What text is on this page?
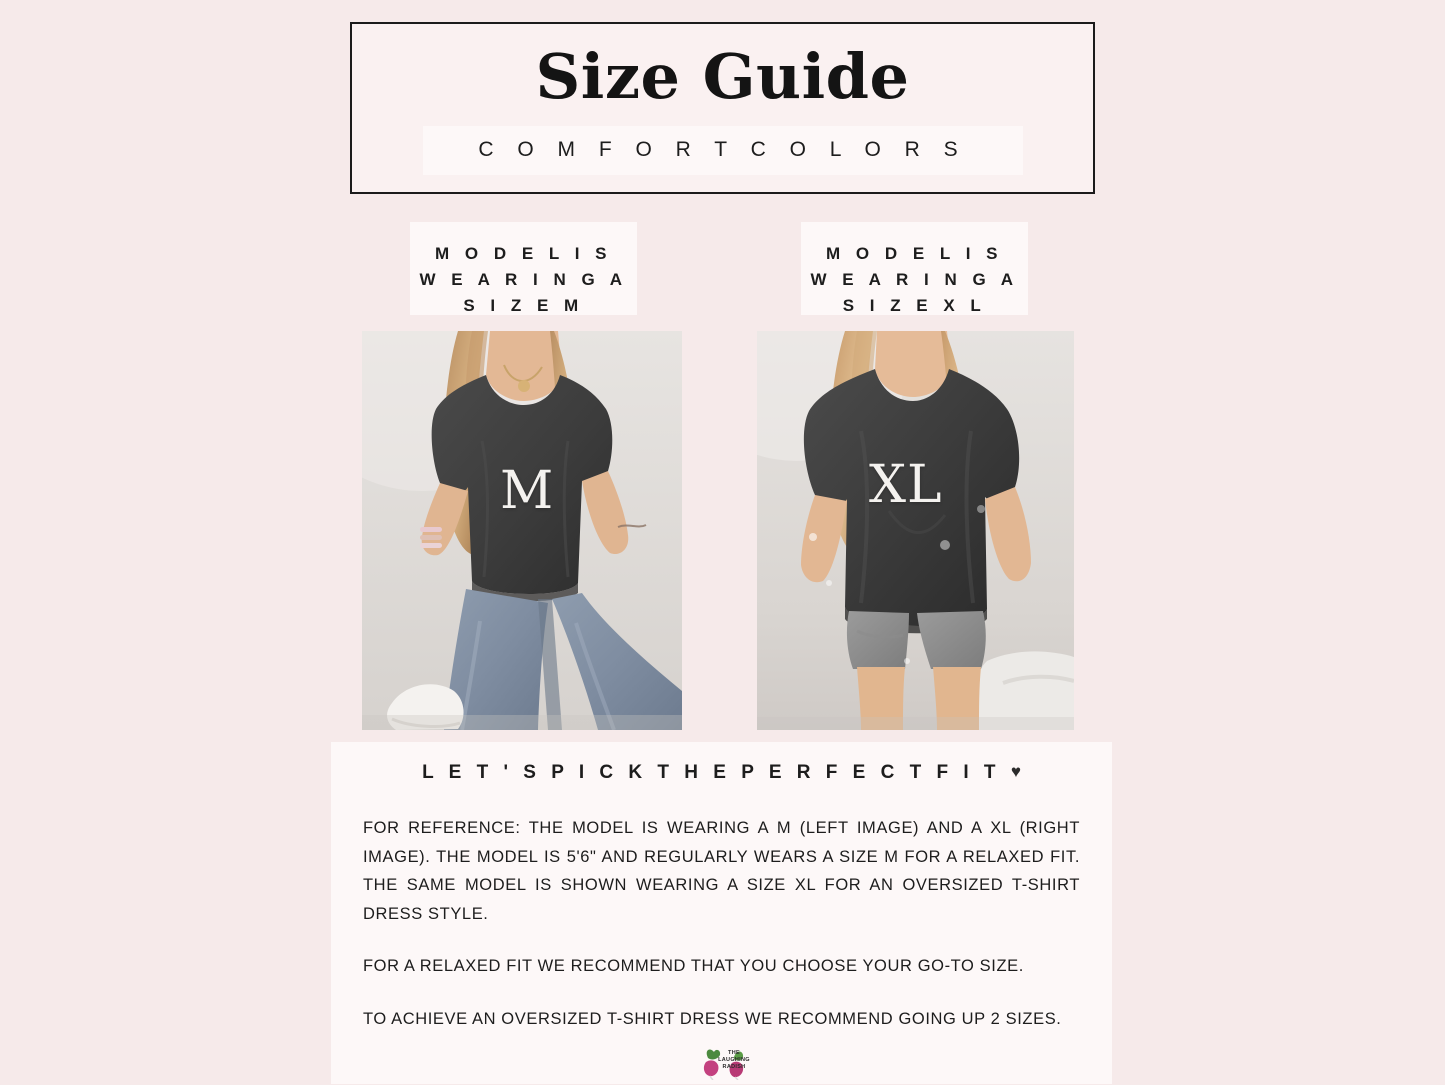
Size Guide
C O M F O R T C O L O R S
M O D E L I S
W E A R I N G A
S I Z E M
M O D E L I S
W E A R I N G A
S I Z E X L
M	XL
L E T ' S P I C K T H E P E R F E C T F I T ♥

FOR REFERENCE: THE MODEL IS WEARING A M (LEFT IMAGE) AND A XL (RIGHT IMAGE). THE MODEL IS 5'6" AND REGULARLY WEARS A SIZE M FOR A RELAXED FIT. THE SAME MODEL IS SHOWN WEARING A SIZE XL FOR AN OVERSIZED T-SHIRT DRESS STYLE.

FOR A RELAXED FIT WE RECOMMEND THAT YOU CHOOSE YOUR GO-TO SIZE.

TO ACHIEVE AN OVERSIZED T-SHIRT DRESS WE RECOMMEND GOING UP 2 SIZES.

THE LAUGHING
RADISH
